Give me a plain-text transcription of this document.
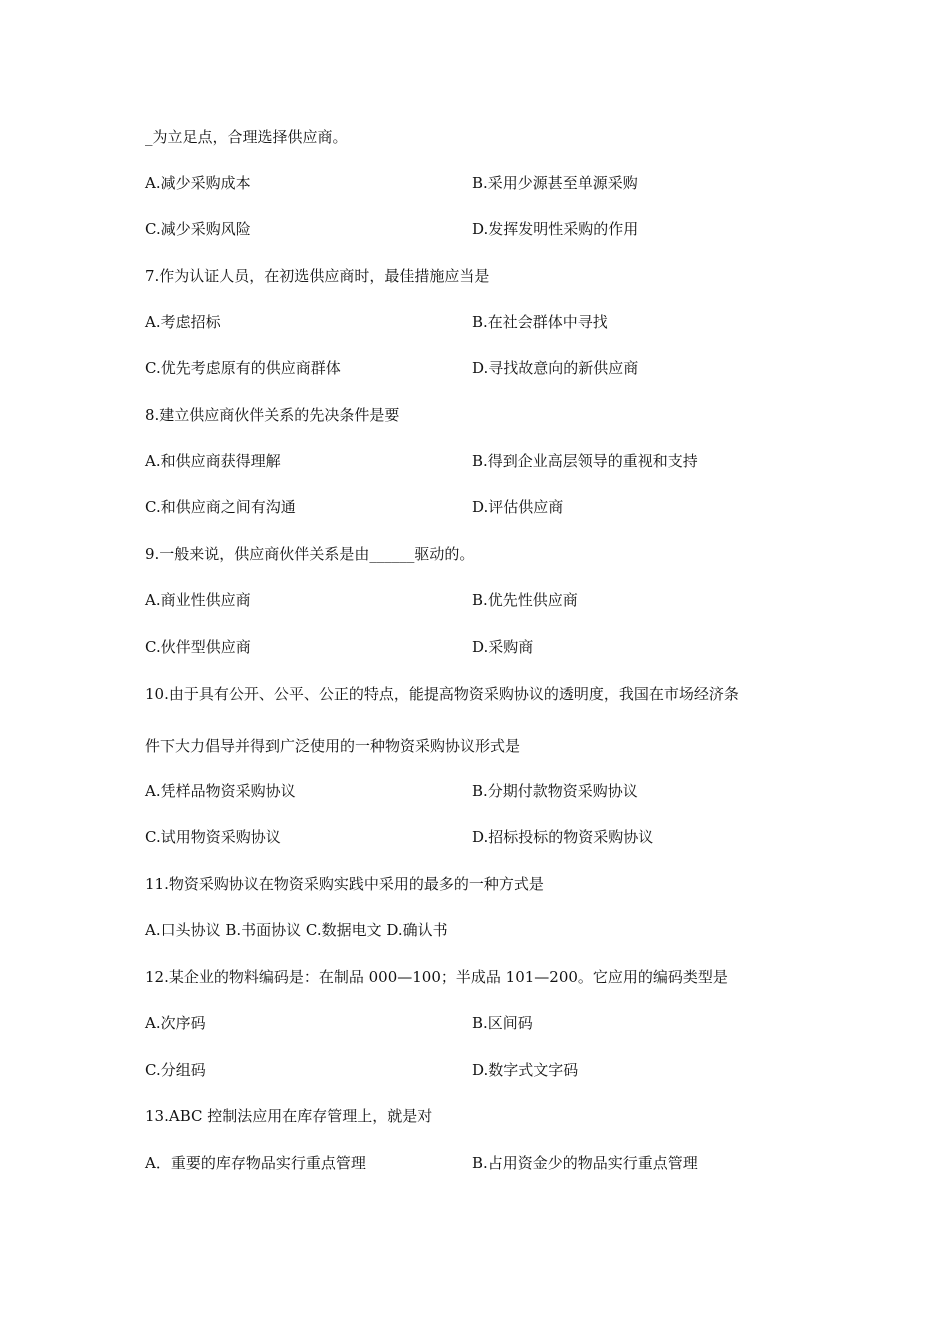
_为立足点，合理选择供应商。
A.减少采购成本	B.采用少源甚至单源采购
C.减少采购风险	D.发挥发明性采购的作用
7.作为认证人员，在初选供应商时，最佳措施应当是
A.考虑招标	B.在社会群体中寻找
C.优先考虑原有的供应商群体	D.寻找故意向的新供应商
8.建立供应商伙伴关系的先决条件是要
A.和供应商获得理解	B.得到企业高层领导的重视和支持
C.和供应商之间有沟通	D.评估供应商
9.一般来说，供应商伙伴关系是由______驱动的。
A.商业性供应商	B.优先性供应商
C.伙伴型供应商	D.采购商
10.由于具有公开、公平、公正的特点，能提高物资采购协议的透明度，我国在市场经济条
件下大力倡导并得到广泛使用的一种物资采购协议形式是
A.凭样品物资采购协议	B.分期付款物资采购协议
C.试用物资采购协议	D.招标投标的物资采购协议
11.物资采购协议在物资采购实践中采用的最多的一种方式是
A.口头协议 B.书面协议 C.数据电文 D.确认书
12.某企业的物料编码是：在制品 000—100；半成品 101—200。它应用的编码类型是
A.次序码	B.区间码
C.分组码	D.数字式文字码
13.ABC 控制法应用在库存管理上，就是对
A．重要的库存物品实行重点管理	B.占用资金少的物品实行重点管理
